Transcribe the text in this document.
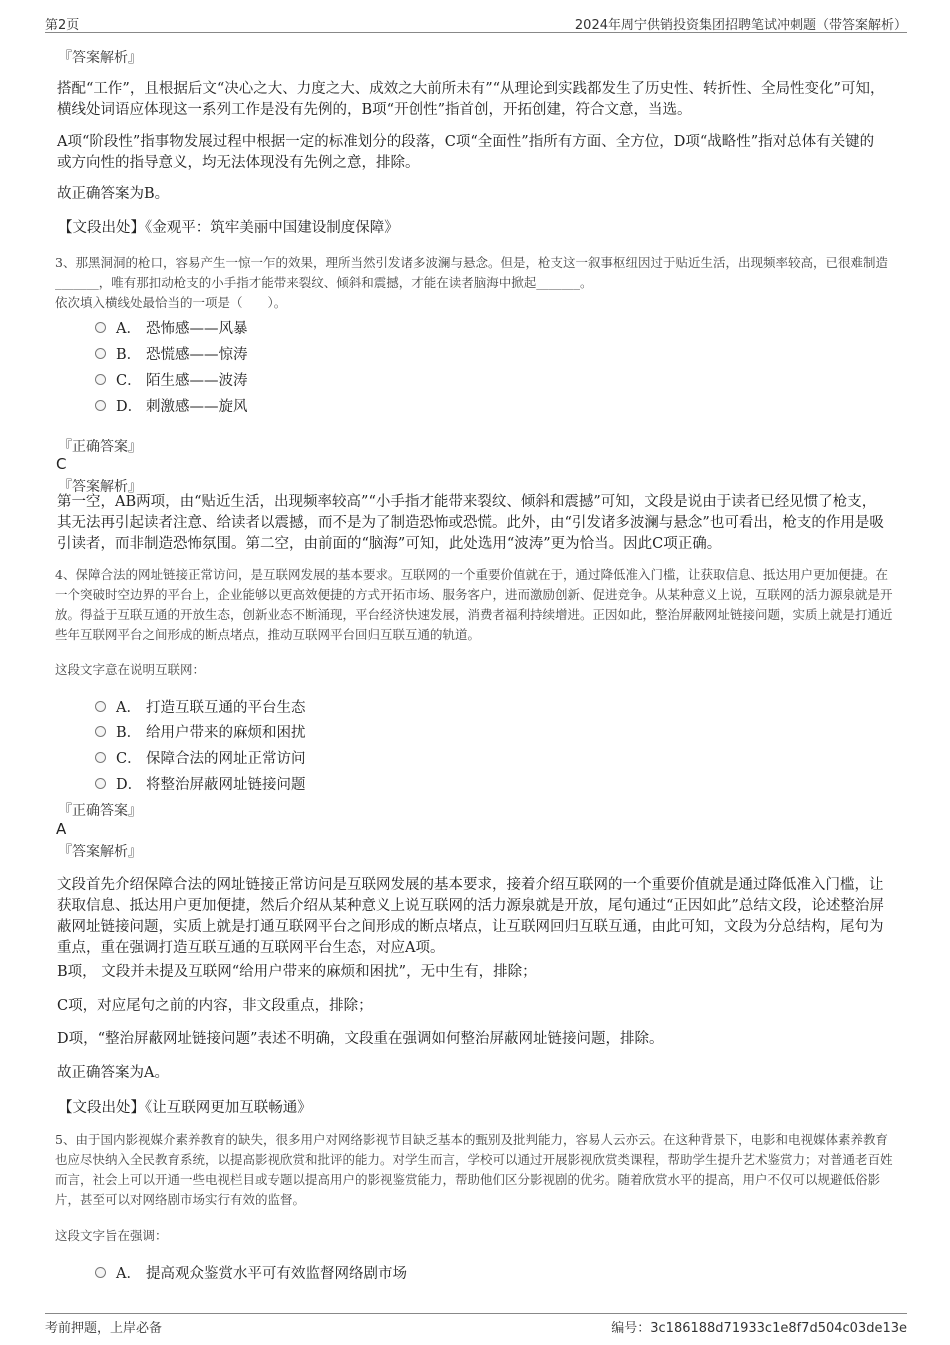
第2页	2024年周宁供销投资集团招聘笔试冲刺题（带答案解析）
『答案解析』
搭配“工作”，且根据后文“决心之大、力度之大、成效之大前所未有”“从理论到实践都发生了历史性、转折性、全局性变化”可知，横线处词语应体现这一系列工作是没有先例的，B项“开创性”指首创，开拓创建，符合文意，当选。
A项“阶段性”指事物发展过程中根据一定的标准划分的段落，C项“全面性”指所有方面、全方位，D项“战略性”指对总体有关键的或方向性的指导意义，均无法体现没有先例之意，排除。
故正确答案为B。
【文段出处】《金观平：筑牢美丽中国建设制度保障》
3、那黑洞洞的枪口，容易产生一惊一乍的效果，理所当然引发诸多波澜与悬念。但是，枪支这一叙事枢纽因过于贴近生活，出现频率较高，已很难制造_______，唯有那扣动枪支的小手指才能带来裂纹、倾斜和震撼，才能在读者脑海中掀起_______。
依次填入横线处最恰当的一项是（　　）。
A． 恐怖感——风暴
B． 恐慌感——惊涛
C． 陌生感——波涛
D． 刺激感——旋风
『正确答案』
C
『答案解析』
第一空，AB两项，由“贴近生活，出现频率较高”“小手指才能带来裂纹、倾斜和震撼”可知，文段是说由于读者已经见惯了枪支，其无法再引起读者注意、给读者以震撼，而不是为了制造恐怖或恐慌。此外，由“引发诸多波澜与悬念”也可看出，枪支的作用是吸引读者，而非制造恐怖氛围。第二空，由前面的“脑海”可知，此处选用“波涛”更为恰当。因此C项正确。
4、保障合法的网址链接正常访问，是互联网发展的基本要求。互联网的一个重要价值就在于，通过降低准入门槛，让获取信息、抵达用户更加便捷。在一个突破时空边界的平台上，企业能够以更高效便捷的方式开拓市场、服务客户，进而激励创新、促进竞争。从某种意义上说，互联网的活力源泉就是开放。得益于互联互通的开放生态，创新业态不断涌现，平台经济快速发展，消费者福利持续增进。正因如此，整治屏蔽网址链接问题，实质上就是打通近些年互联网平台之间形成的断点堵点，推动互联网平台回归互联互通的轨道。
这段文字意在说明互联网：
A． 打造互联互通的平台生态
B． 给用户带来的麻烦和困扰
C． 保障合法的网址正常访问
D． 将整治屏蔽网址链接问题
『正确答案』
A
『答案解析』
文段首先介绍保障合法的网址链接正常访问是互联网发展的基本要求，接着介绍互联网的一个重要价值就是通过降低准入门槛，让获取信息、抵达用户更加便捷，然后介绍从某种意义上说互联网的活力源泉就是开放，尾句通过“正因如此”总结文段，论述整治屏蔽网址链接问题，实质上就是打通互联网平台之间形成的断点堵点，让互联网回归互联互通，由此可知，文段为分总结构，尾句为重点，重在强调打造互联互通的互联网平台生态，对应A项。
B项， 文段并未提及互联网“给用户带来的麻烦和困扰”，无中生有，排除；
C项，对应尾句之前的内容，非文段重点，排除；
D项，“整治屏蔽网址链接问题”表述不明确，文段重在强调如何整治屏蔽网址链接问题，排除。
故正确答案为A。
【文段出处】《让互联网更加互联畅通》
5、由于国内影视媒介素养教育的缺失，很多用户对网络影视节目缺乏基本的甄别及批判能力，容易人云亦云。在这种背景下，电影和电视媒体素养教育也应尽快纳入全民教育系统，以提高影视欣赏和批评的能力。对学生而言，学校可以通过开展影视欣赏类课程，帮助学生提升艺术鉴赏力；对普通老百姓而言，社会上可以开通一些电视栏目或专题以提高用户的影视鉴赏能力，帮助他们区分影视剧的优劣。随着欣赏水平的提高，用户不仅可以规避低俗影片，甚至可以对网络剧市场实行有效的监督。
这段文字旨在强调：
A． 提高观众鉴赏水平可有效监督网络剧市场
考前押题，上岸必备	编号：3c186188d71933c1e8f7d504c03de13e
